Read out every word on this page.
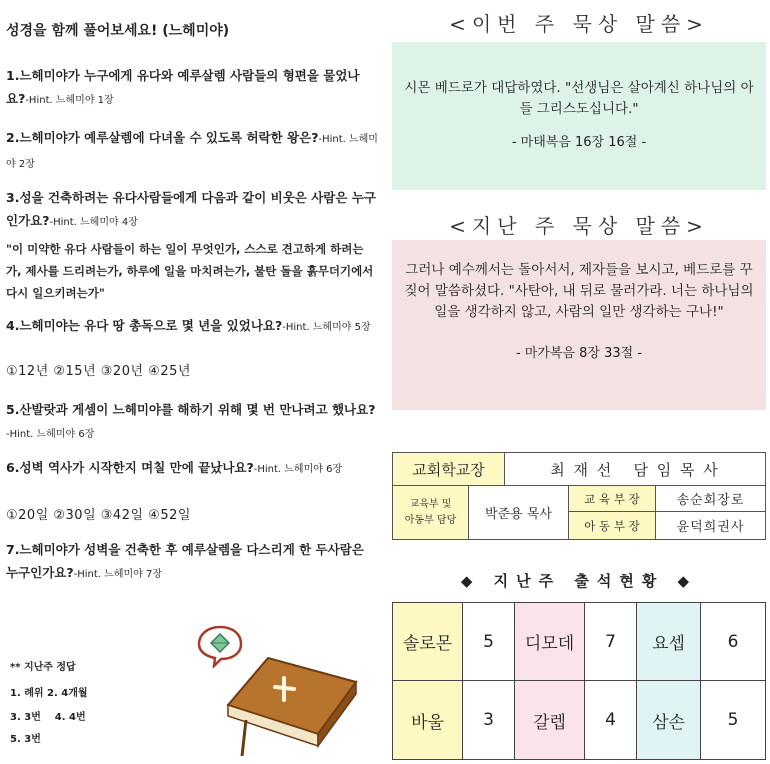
성경을 함께 풀어보세요! (느헤미야)
1.느헤미야가 누구에게 유다와 예루살렘 사람들의 형편을 물었나요?-Hint. 느헤미야 1장
2.느헤미야가 예루살렘에 다녀올 수 있도록 허락한 왕은?-Hint. 느헤미야 2장
3.성을 건축하려는 유다사람들에게 다음과 같이 비웃은 사람은 누구인가요?-Hint. 느헤미야 4장
"이 미약한 유다 사람들이 하는 일이 무엇인가, 스스로 견고하게 하려는가, 제사를 드리려는가, 하루에 일을 마치려는가, 불탄 돌을 흙무더기에서 다시 일으키려는가"
4.느헤미야는 유다 땅 총독으로 몇 년을 있었나요?-Hint. 느헤미야 5장
①12년 ②15년 ③20년 ④25년
5.산발랏과 게셈이 느헤미야를 해하기 위해 몇 번 만나려고 했나요?-Hint. 느헤미야 6장
6.성벽 역사가 시작한지 며칠 만에 끝났나요?-Hint. 느헤미야 6장
①20일 ②30일 ③42일 ④52일
7.느헤미야가 성벽을 건축한 후 예루살렘을 다스리게 한 두사람은 누구인가요?-Hint. 느헤미야 7장
** 지난주 정답
1. 례위 2. 4개월
3. 3번    4. 4번
5. 3번
<이번 주 묵상 말씀>
시몬 베드로가 대답하였다. "선생님은 살아계신 하나님의 아들 그리스도십니다."
- 마태복음 16장 16절 -
<지난 주 묵상 말씀>
그러나 예수께서는 돌아서서, 제자들을 보시고, 베드로를 꾸짖어 말씀하셨다. "사탄아, 내 뒤로 물러가라. 너는 하나님의 일을 생각하지 않고, 사람의 일만 생각하는 구나!"
- 마가복음 8장 33절 -
교회학교장	최 재 선   담 임 목 사
교육부 및
아동부 담당	박준용 목사
교 육 부 장	송순회장로
아 동 부 장	윤덕희권사
◆ 지난주 출석현황 ◆
솔로몬	5	디모데	7	요셉	6
바울	3	갈렙	4	삼손	5
